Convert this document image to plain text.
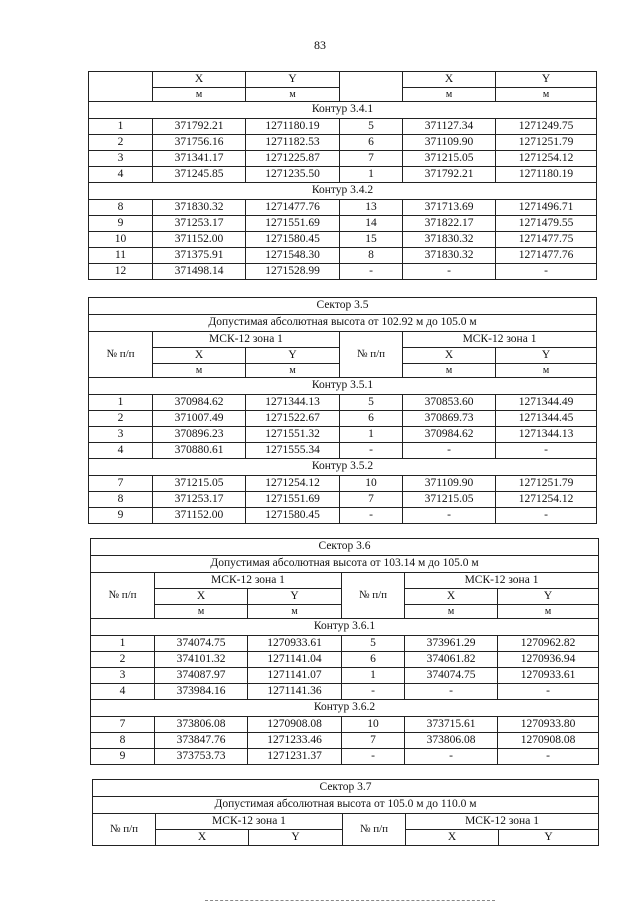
83
	X	Y		X	Y
	м	м		м	м
Контур 3.4.1					
1	371792.21	1271180.19	5	371127.34	1271249.75
2	371756.16	1271182.53	6	371109.90	1271251.79
3	371341.17	1271225.87	7	371215.05	1271254.12
4	371245.85	1271235.50	1	371792.21	1271180.19
Контур 3.4.2					
8	371830.32	1271477.76	13	371713.69	1271496.71
9	371253.17	1271551.69	14	371822.17	1271479.55
10	371152.00	1271580.45	15	371830.32	1271477.75
11	371375.91	1271548.30	8	371830.32	1271477.76
12	371498.14	1271528.99	-	-	-
Сектор 3.5					
Допустимая абсолютная высота от 102.92 м до 105.0 м					
№ п/п	МСК-12 зона 1		№ п/п	МСК-12 зона 1	
	X	Y		X	Y
	м	м		м	м
Контур 3.5.1					
1	370984.62	1271344.13	5	370853.60	1271344.49
2	371007.49	1271522.67	6	370869.73	1271344.45
3	370896.23	1271551.32	1	370984.62	1271344.13
4	370880.61	1271555.34	-	-	-
Контур 3.5.2					
7	371215.05	1271254.12	10	371109.90	1271251.79
8	371253.17	1271551.69	7	371215.05	1271254.12
9	371152.00	1271580.45	-	-	-
Сектор 3.6					
Допустимая абсолютная высота от 103.14 м до 105.0 м					
№ п/п	МСК-12 зона 1		№ п/п	МСК-12 зона 1	
	X	Y		X	Y
	м	м		м	м
Контур 3.6.1					
1	374074.75	1270933.61	5	373961.29	1270962.82
2	374101.32	1271141.04	6	374061.82	1270936.94
3	374087.97	1271141.07	1	374074.75	1270933.61
4	373984.16	1271141.36	-	-	-
Контур 3.6.2					
7	373806.08	1270908.08	10	373715.61	1270933.80
8	373847.76	1271233.46	7	373806.08	1270908.08
9	373753.73	1271231.37	-	-	-
Сектор 3.7					
Допустимая абсолютная высота от 105.0 м до 110.0 м					
№ п/п	МСК-12 зона 1		№ п/п	МСК-12 зона 1	
	X	Y		X	Y
